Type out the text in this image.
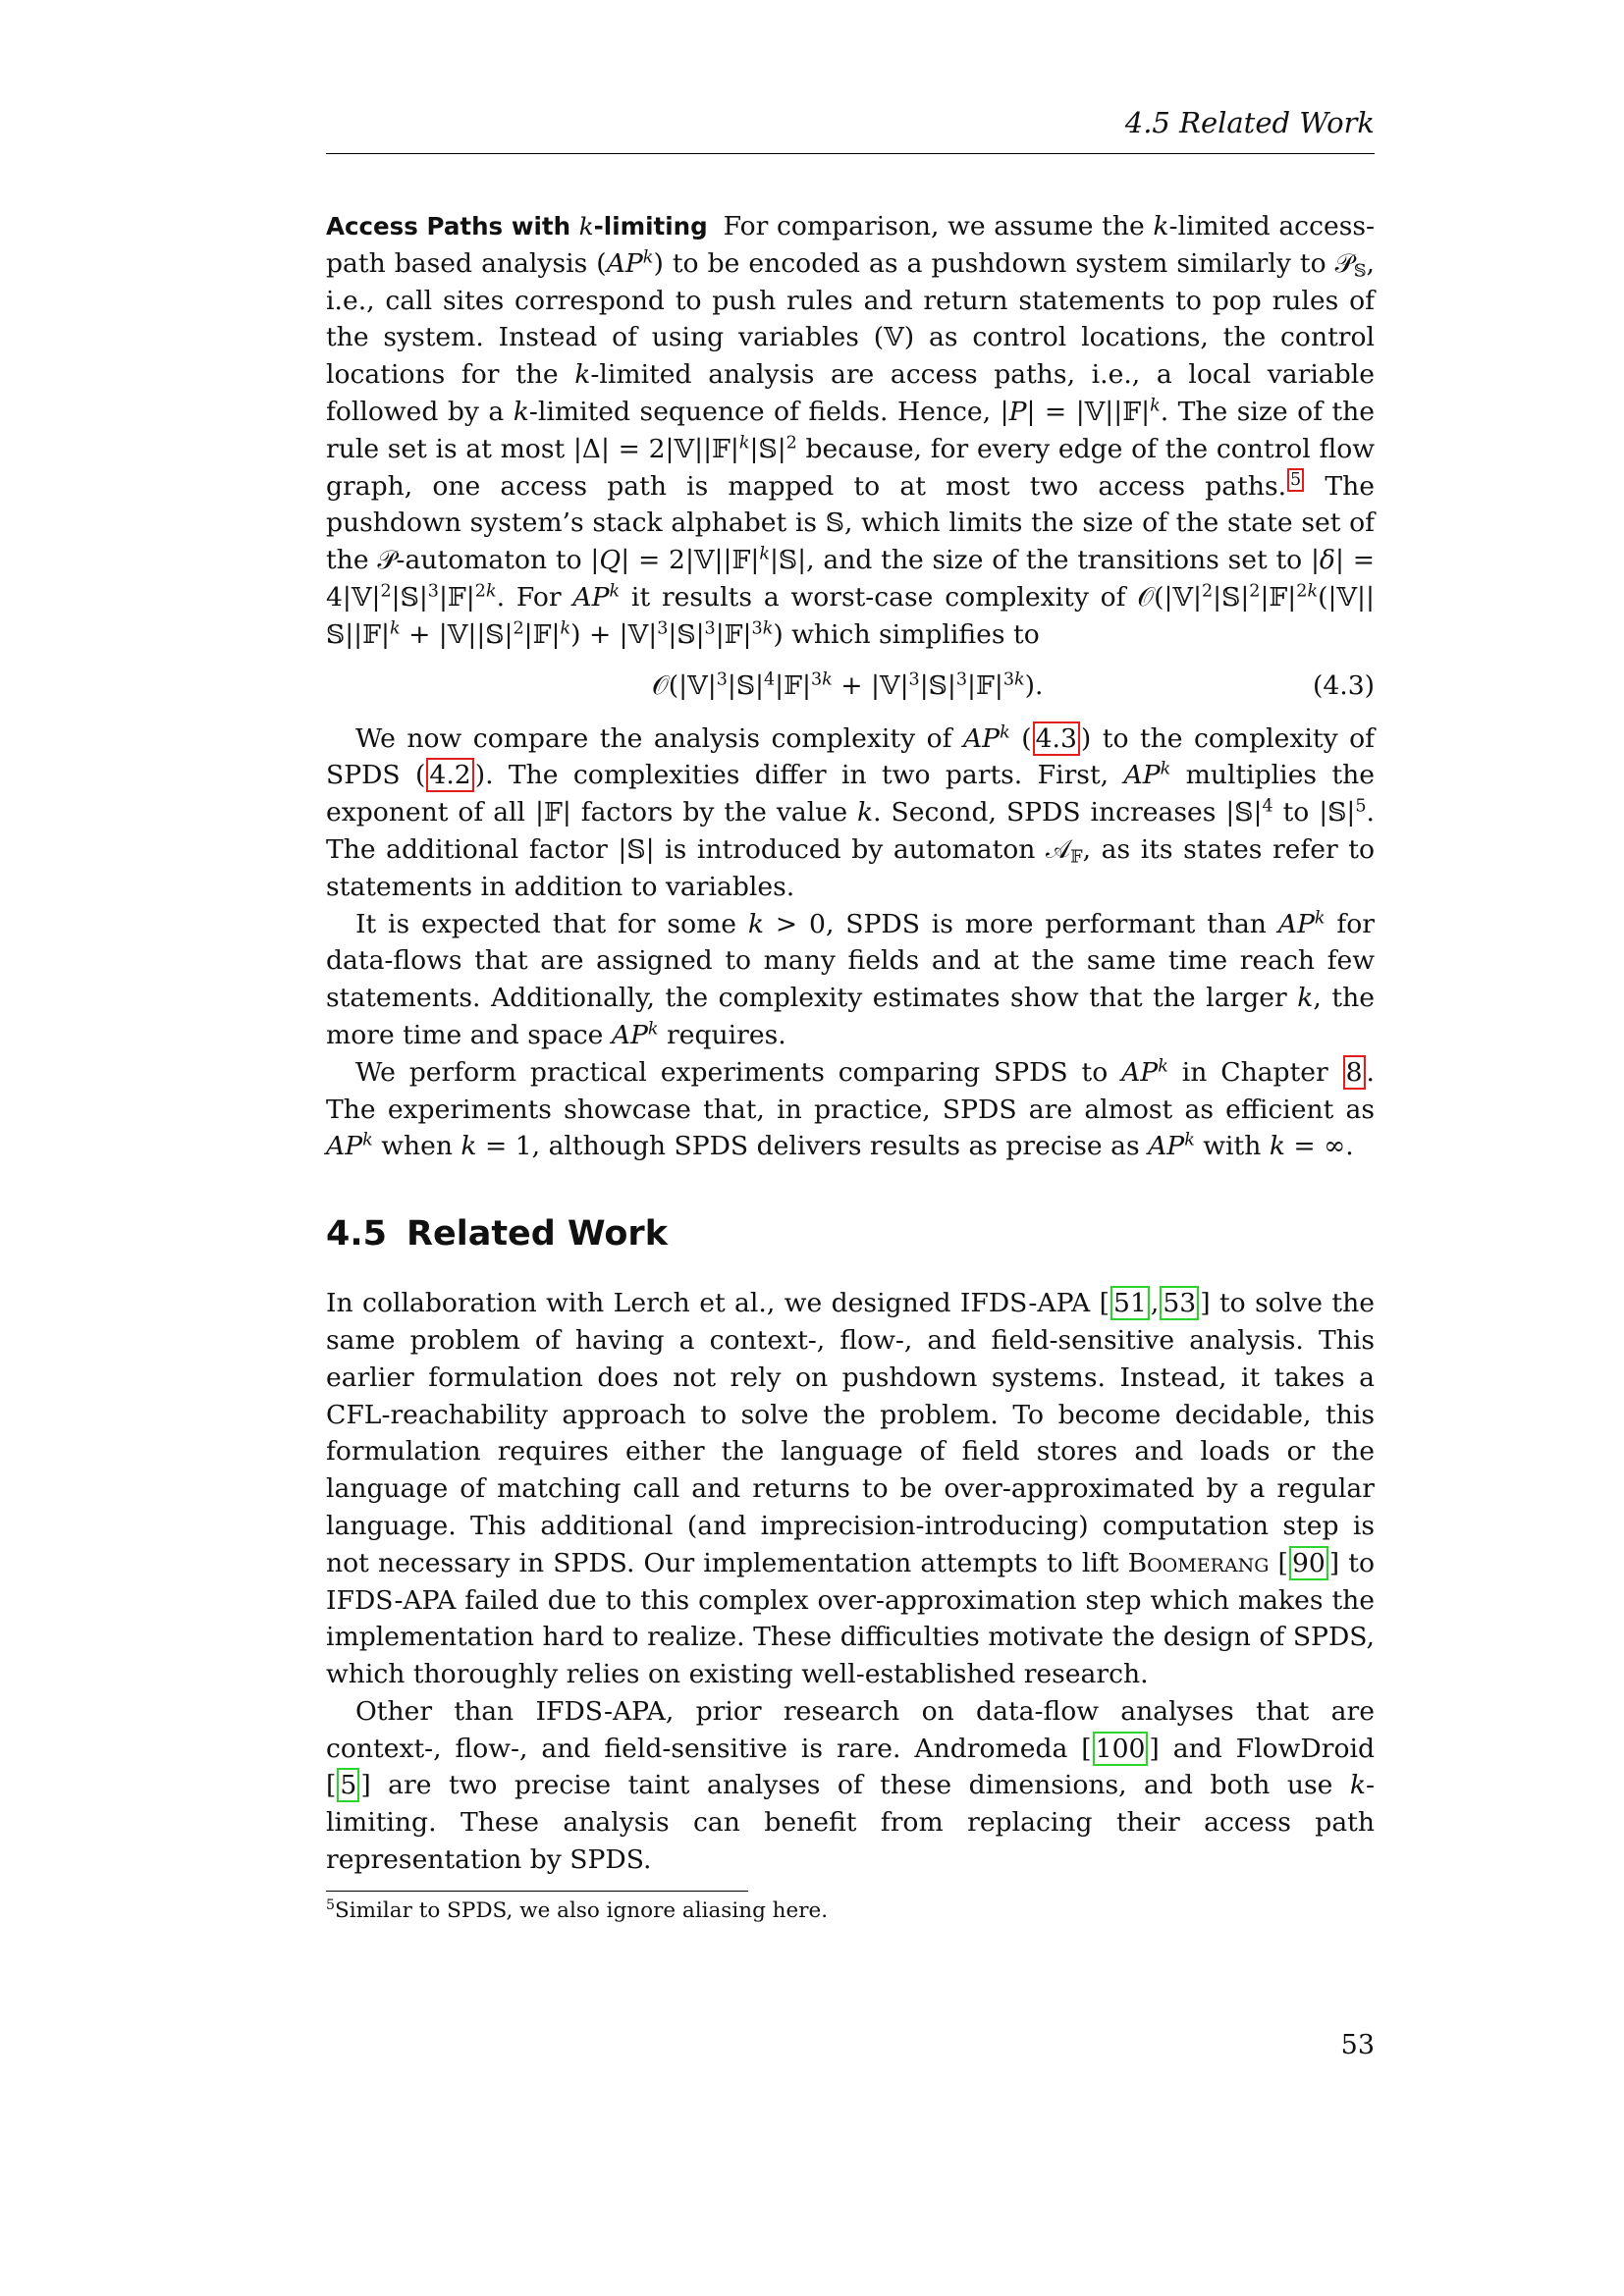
4.5 Related Work

Access Paths with k-limiting For comparison, we assume the k-limited access-path based analysis $(AP^k)$ to be encoded as a pushdown system similarly to 𝒫$_𝕊$, i.e., call sites correspond to push rules and return statements to pop rules of the system. Instead of using variables (𝕍) as control locations, the control locations for the k-limited analysis are access paths, i.e., a local variable followed by a k-limited sequence of fields. Hence, $|P| = |𝕍||𝔽|^k$. The size of the rule set is at most $|\Delta| = 2|𝕍||𝔽|^k|𝕊|^2$ because, for every edge of the control flow graph, one access path is mapped to at most two access paths. $^5$ The pushdown system’s stack alphabet is 𝕊, which limits the size of the state set of the 𝒫-automaton to $|Q| = 2|𝕍||𝔽|^k|𝕊|$, and the size of the transitions set to $|\delta| = 4|𝕍|^2|𝕊|^3|𝔽|^{2k}$. For $AP^k$ it results a worst-case complexity of $𝒪(|𝕍|^2|𝕊|^2|𝔽|^{2k}(|𝕍||𝕊||𝔽|^k$ + $|𝕍||𝕊|^2|𝔽|^k$) + $|𝕍|^3|𝕊|^3|𝔽|^{3k}$) which simplifies to

$𝒪(|𝕍|^3|𝕊|^4|𝔽|^{3k}$ + $|𝕍|^3|𝕊|^3|𝔽|^{3k}$).	(4.3)

We now compare the analysis complexity of $AP^k$ ( 4.3 ) to the complexity of SPDS ( 4.2 ). The complexities differ in two parts. First, $AP^k$ multiplies the exponent of all |𝔽| factors by the value k. Second, SPDS increases $|𝕊|^4$ to $|𝕊|^5$. The additional factor |𝕊| is introduced by automaton 𝒜$_𝔽$, as its states refer to statements in addition to variables.

It is expected that for some k > 0, SPDS is more performant than $AP^k$ for data-flows that are assigned to many fields and at the same time reach few statements. Additionally, the complexity estimates show that the larger k, the more time and space $AP^k$ requires.

We perform practical experiments comparing SPDS to $AP^k$ in Chapter 8 . The experiments showcase that, in practice, SPDS are almost as efficient as $AP^k$ when k = 1, although SPDS delivers results as precise as $AP^k$ with k = ∞.

4.5 Related Work

In collaboration with Lerch et al., we designed IFDS-APA [ 51 , 53 ] to solve the same problem of having a context-, flow-, and field-sensitive analysis. This earlier formulation does not rely on pushdown systems. Instead, it takes a CFL-reachability approach to solve the problem. To become decidable, this formulation requires either the language of field stores and loads or the language of matching call and returns to be over-approximated by a regular language. This additional (and imprecision-introducing) computation step is not necessary in SPDS. Our implementation attempts to lift Boomerang [ 90 ] to IFDS-APA failed due to this complex over-approximation step which makes the implementation hard to realize. These difficulties motivate the design of SPDS, which thoroughly relies on existing well-established research.

Other than IFDS-APA, prior research on data-flow analyses that are context-, flow-, and field-sensitive is rare. Andromeda [ 100 ] and FlowDroid [ 5 ] are two precise taint analyses of these dimensions, and both use k-limiting. These analysis can benefit from replacing their access path representation by SPDS.

$^5$Similar to SPDS, we also ignore aliasing here.
53
